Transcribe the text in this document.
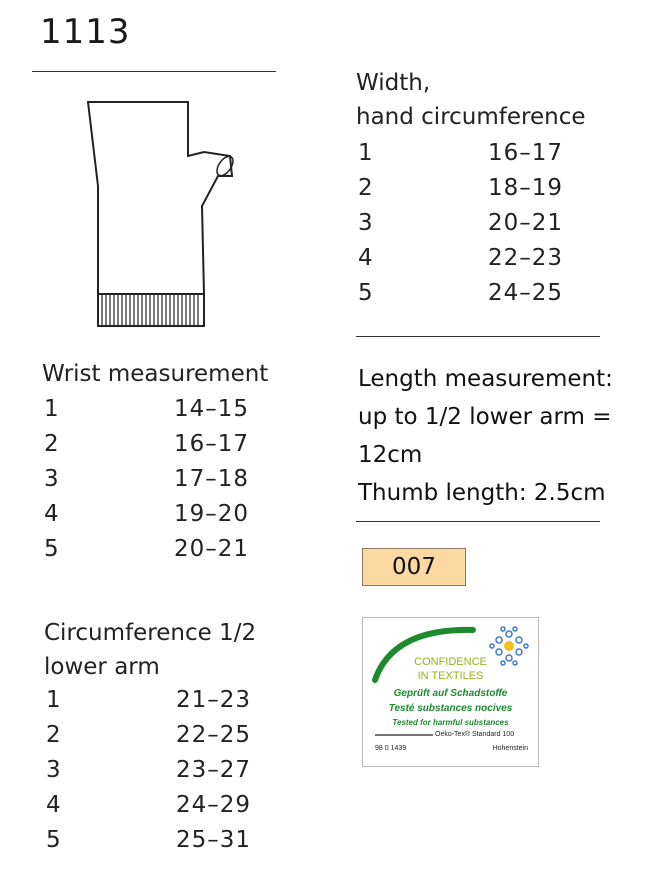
1113
Width,
hand circumference
1	16–17
2	18–19
3	20–21
4	22–23
5	24–25
Wrist measurement
1	14–15
2	16–17
3	17–18
4	19–20
5	20–21
Length measurement:
up to 1/2 lower arm =
12cm
Thumb length: 2.5cm
007
CONFIDENCE
IN TEXTILES
Geprüft auf Schadstoffe
Testé substances nocives
Tested for harmful substances
Oeko-Tex® Standard 100
98 0 1439	Hohenstein
Circumference 1/2
lower arm
1	21–23
2	22–25
3	23–27
4	24–29
5	25–31
